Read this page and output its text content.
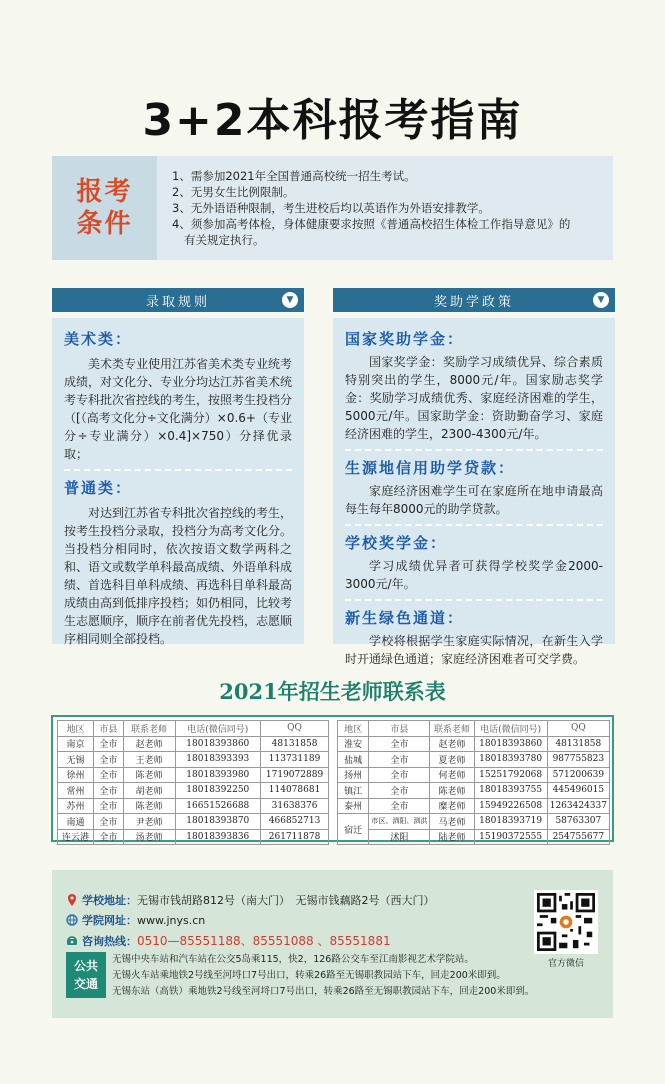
3+2本科报考指南
报考
条件
1、需参加2021年全国普通高校统一招生考试。
2、无男女生比例限制。
3、无外语语种限制，考生进校后均以英语作为外语安排教学。
4、须参加高考体检，身体健康要求按照《普通高校招生体检工作指导意见》的
有关规定执行。
录取规则	▼
美术类：
美术类专业使用江苏省美术类专业统考成绩，对文化分、专业分均达江苏省美术统考专科批次省控线的考生，按照考生投档分（[（高考文化分÷文化满分）×0.6+（专业分÷专业满分）×0.4]×750）分择优录取；
普通类：
对达到江苏省专科批次省控线的考生，按考生投档分录取，投档分为高考文化分。当投档分相同时，依次按语文数学两科之和、语文或数学单科最高成绩、外语单科成绩、首选科目单科成绩、再选科目单科最高成绩由高到低排序投档；如仍相同，比较考生志愿顺序，顺序在前者优先投档，志愿顺序相同则全部投档。
奖助学政策	▼
国家奖助学金：
国家奖学金：奖励学习成绩优异、综合素质特别突出的学生，8000元/年。国家励志奖学金：奖励学习成绩优秀、家庭经济困难的学生，5000元/年。国家助学金：资助勤奋学习、家庭经济困难的学生，2300-4300元/年。
生源地信用助学贷款：
家庭经济困难学生可在家庭所在地申请最高每生每年8000元的助学贷款。
学校奖学金：
学习成绩优异者可获得学校奖学金2000-3000元/年。
新生绿色通道：
学校将根据学生家庭实际情况，在新生入学时开通绿色通道；家庭经济困难者可交学费。
2021年招生老师联系表
地区	市县	联系老师	电话(微信同号)	QQ
南京	全市	赵老师	18018393860	48131858
无锡	全市	王老师	18018393393	113731189
徐州	全市	陈老师	18018393980	1719072889
常州	全市	胡老师	18018392250	114078681
苏州	全市	陈老师	16651526688	31638376
南通	全市	尹老师	18018393870	466852713
连云港	全市	汤老师	18018393836	261711878
地区	市县	联系老师	电话(微信同号)	QQ
淮安	全市	赵老师	18018393860	48131858
盐城	全市	夏老师	18018393780	987755823
扬州	全市	何老师	15251792068	571200639
镇江	全市	陈老师	18018393755	445496015
泰州	全市	糜老师	15949226508	1263424337
宿迁	市区、泗阳、泗洪	马老师	18018393719	58763307
	沭阳	陆老师	15190372555	254755677
学校地址： 无锡市钱胡路812号（南大门）　无锡市钱藕路2号（西大门）
学院网址： www.jnys.cn
咨询热线： 0510—85551188、85551088 、85551881
公共
交通
无锡中央车站和汽车站在公交5岛乘115，快2，126路公交车至江南影视艺术学院站。
无锡火车站乘地铁2号线至河埒口7号出口，转乘26路至无锡职教园站下车，回走200米即到。
无锡东站（高铁）乘地铁2号线至河埒口7号出口，转乘26路至无锡职教园站下车，回走200米即到。
官方微信
